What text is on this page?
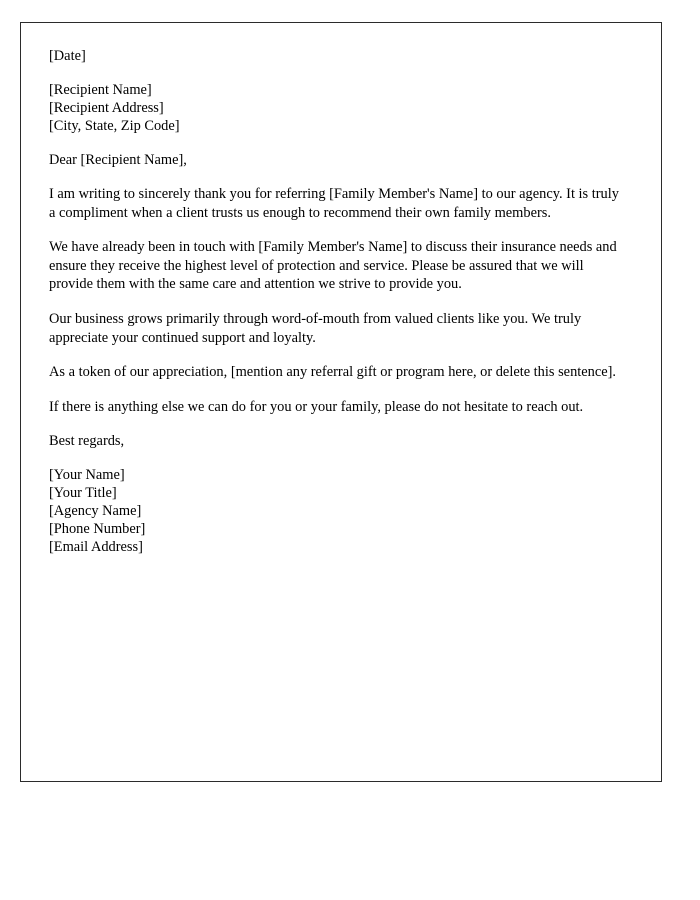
[Date]
[Recipient Name]
[Recipient Address]
[City, State, Zip Code]
Dear [Recipient Name],
I am writing to sincerely thank you for referring [Family Member's Name] to our agency. It is truly a compliment when a client trusts us enough to recommend their own family members.
We have already been in touch with [Family Member's Name] to discuss their insurance needs and ensure they receive the highest level of protection and service. Please be assured that we will provide them with the same care and attention we strive to provide you.
Our business grows primarily through word-of-mouth from valued clients like you. We truly appreciate your continued support and loyalty.
As a token of our appreciation, [mention any referral gift or program here, or delete this sentence].
If there is anything else we can do for you or your family, please do not hesitate to reach out.
Best regards,
[Your Name]
[Your Title]
[Agency Name]
[Phone Number]
[Email Address]
